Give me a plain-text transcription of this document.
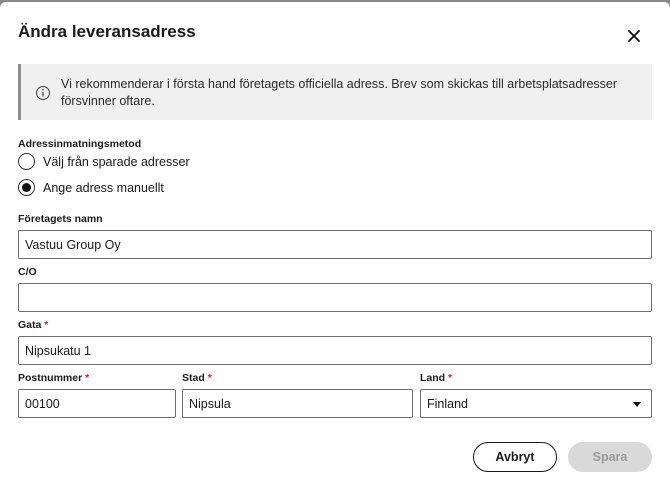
Ändra leveransadress
Vi rekommenderar i första hand företagets officiella adress. Brev som skickas till arbetsplatsadresser försvinner oftare.
Adressinmatningsmetod
Välj från sparade adresser
Ange adress manuellt
Företagets namn
Vastuu Group Oy
C/O
Gata *
Nipsukatu 1
Postnummer *
00100
Stad *
Nipsula
Land *
Finland
Avbryt	Spara
